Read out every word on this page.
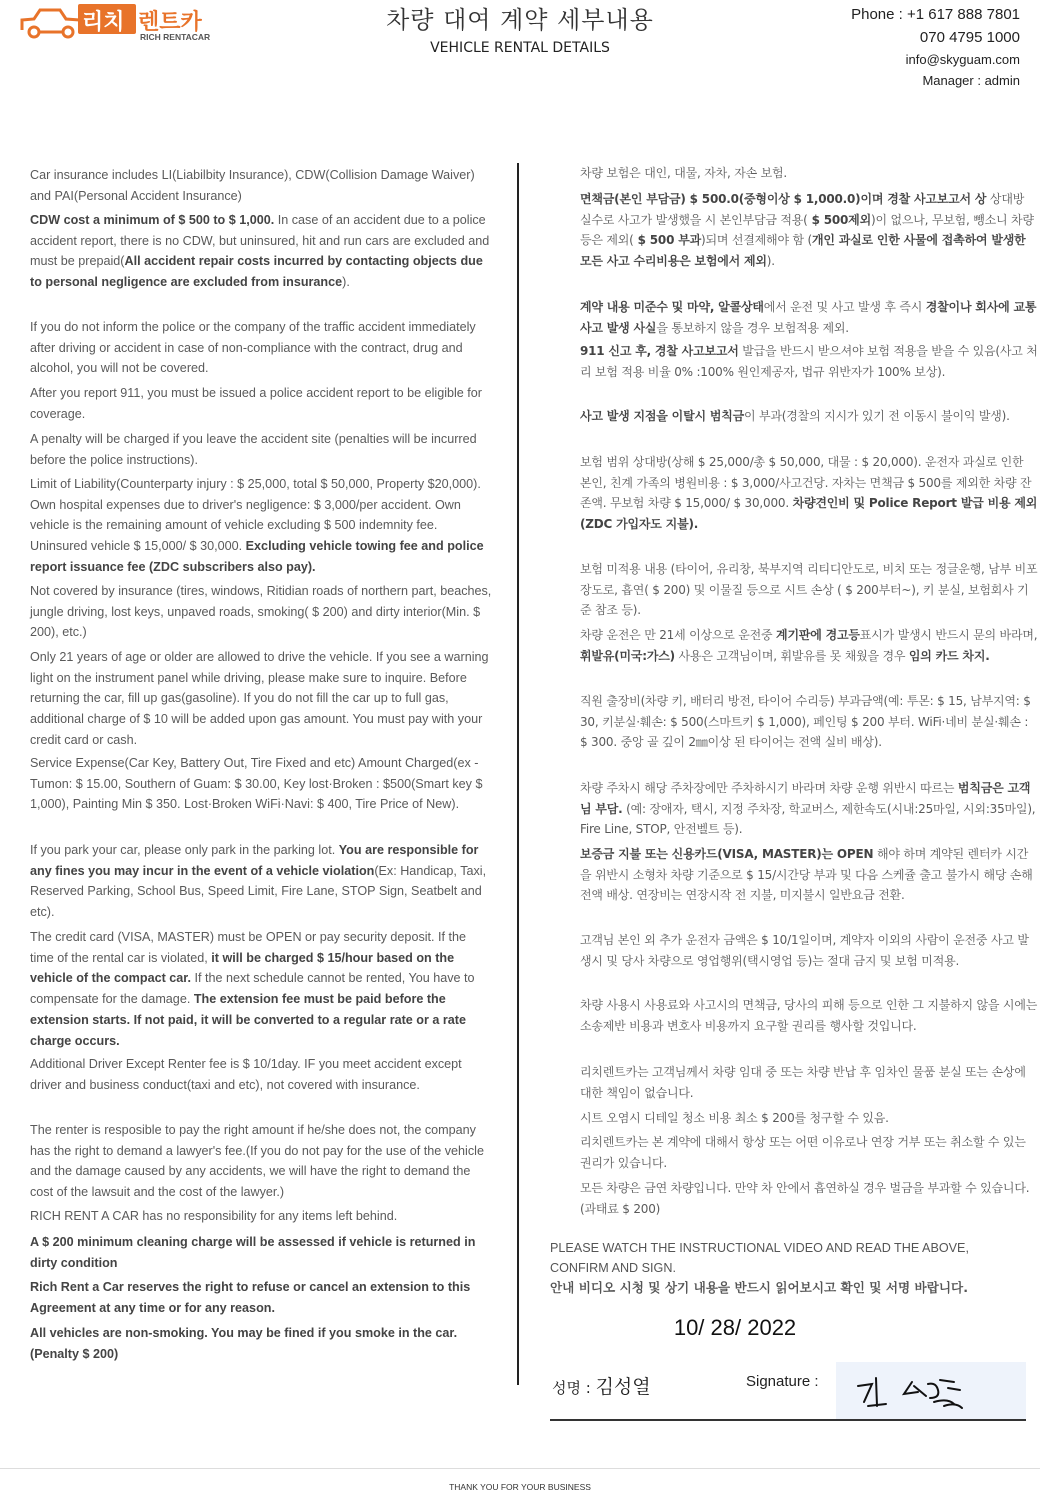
리치 렌트카
RICH RENTACAR
차량 대여 계약 세부내용
VEHICLE RENTAL DETAILS
Phone : +1 617 888 7801
070 4795 1000
info@skyguam.com
Manager : admin

Car insurance includes LI(Liabilbity Insurance), CDW(Collision Damage Waiver) and PAI(Personal Accident Insurance)

CDW cost a minimum of $ 500 to $ 1,000. In case of an accident due to a police accident report, there is no CDW, but uninsured, hit and run cars are excluded and must be prepaid(All accident repair costs incurred by contacting objects due to personal negligence are excluded from insurance).

If you do not inform the police or the company of the traffic accident immediately after driving or accident in case of non-compliance with the contract, drug and alcohol, you will not be covered.

After you report 911, you must be issued a police accident report to be eligible for coverage.

A penalty will be charged if you leave the accident site (penalties will be incurred before the police instructions).

Limit of Liability(Counterparty injury : $ 25,000, total $ 50,000, Property $20,000). Own hospital expenses due to driver's negligence: $ 3,000/per accident. Own vehicle is the remaining amount of vehicle excluding $ 500 indemnity fee. Uninsured vehicle $ 15,000/ $ 30,000. Excluding vehicle towing fee and police report issuance fee (ZDC subscribers also pay).

Not covered by insurance (tires, windows, Ritidian roads of northern part, beaches, jungle driving, lost keys, unpaved roads, smoking( $ 200) and dirty interior(Min. $ 200), etc.)

Only 21 years of age or older are allowed to drive the vehicle. If you see a warning light on the instrument panel while driving, please make sure to inquire. Before returning the car, fill up gas(gasoline). If you do not fill the car up to full gas, additional charge of $ 10 will be added upon gas amount. You must pay with your credit card or cash.

Service Expense(Car Key, Battery Out, Tire Fixed and etc) Amount Charged(ex - Tumon: $ 15.00, Southern of Guam: $ 30.00, Key lost·Broken : $500(Smart key $ 1,000), Painting Min $ 350. Lost·Broken WiFi·Navi: $ 400, Tire Price of New).

If you park your car, please only park in the parking lot. You are responsible for any fines you may incur in the event of a vehicle violation(Ex: Handicap, Taxi, Reserved Parking, School Bus, Speed Limit, Fire Lane, STOP Sign, Seatbelt and etc).

The credit card (VISA, MASTER) must be OPEN or pay security deposit. If the time of the rental car is violated, it will be charged $ 15/hour based on the vehicle of the compact car. If the next schedule cannot be rented, You have to compensate for the damage. The extension fee must be paid before the extension starts. If not paid, it will be converted to a regular rate or a rate charge occurs.

Additional Driver Except Renter fee is $ 10/1day. IF you meet accident except driver and business conduct(taxi and etc), not covered with insurance.

The renter is resposible to pay the right amount if he/she does not, the company has the right to demand a lawyer's fee.(If you do not pay for the use of the vehicle and the damage caused by any accidents, we will have the right to demand the cost of the lawsuit and the cost of the lawyer.)

RICH RENT A CAR has no responsibility for any items left behind.

A $ 200 minimum cleaning charge will be assessed if vehicle is returned in dirty condition

Rich Rent a Car reserves the right to refuse or cancel an extension to this Agreement at any time or for any reason.

All vehicles are non-smoking. You may be fined if you smoke in the car. (Penalty $ 200)

차량 보험은 대인, 대물, 자차, 자손 보험.

면책금(본인 부담금) $ 500.0(중형이상 $ 1,000.0)이며 경찰 사고보고서 상 상대방 실수로 사고가 발생했을 시 본인부담금 적용( $ 500제외)이 없으나, 무보험, 뺑소니 차량 등은 제외( $ 500 부과)되며 선결제해야 함 (개인 과실로 인한 사물에 접촉하여 발생한 모든 사고 수리비용은 보험에서 제외).

계약 내용 미준수 및 마약, 알콜상태에서 운전 및 사고 발생 후 즉시 경찰이나 회사에 교통 사고 발생 사실을 통보하지 않을 경우 보험적용 제외.

911 신고 후, 경찰 사고보고서 발급을 반드시 받으셔야 보험 적용을 받을 수 있음(사고 처리 보험 적용 비율 0% :100% 원인제공자, 법규 위반자가 100% 보상).

사고 발생 지점을 이탈시 범칙금이 부과(경찰의 지시가 있기 전 이동시 불이익 발생).

보험 범위 상대방(상해 $ 25,000/총 $ 50,000, 대물 : $ 20,000). 운전자 과실로 인한 본인, 친계 가족의 병원비용 : $ 3,000/사고건당. 자차는 면책금 $ 500를 제외한 차량 잔존액. 무보험 차량 $ 15,000/ $ 30,000. 차량견인비 및 Police Report 발급 비용 제외 (ZDC 가입자도 지불).

보험 미적용 내용 (타이어, 유리창, 북부지역 리티디안도로, 비치 또는 정글운행, 남부 비포장도로, 흡연( $ 200) 및 이물질 등으로 시트 손상 ( $ 200부터~), 키 분실, 보험회사 기준 참조 등).

차량 운전은 만 21세 이상으로 운전중 계기판에 경고등표시가 발생시 반드시 문의 바라며, 휘발유(미국:가스) 사용은 고객님이며, 휘발유를 못 채웠을 경우 임의 카드 차지.

직원 출장비(차량 키, 배터리 방전, 타이어 수리등) 부과금액(예: 투몬: $ 15, 남부지역: $ 30, 키분실·훼손: $ 500(스마트키 $ 1,000), 페인팅 $ 200 부터. WiFi·네비 분실·훼손 : $ 300. 중앙 골 깊이 2㎜이상 된 타이어는 전액 실비 배상).

차량 주차시 해당 주차장에만 주차하시기 바라며 차량 운행 위반시 따르는 범칙금은 고객님 부담. (예: 장애자, 택시, 지정 주차장, 학교버스, 제한속도(시내:25마일, 시외:35마일), Fire Line, STOP, 안전벨트 등).

보증금 지불 또는 신용카드(VISA, MASTER)는 OPEN 해야 하며 계약된 렌터카 시간을 위반시 소형차 차량 기준으로 $ 15/시간당 부과 및 다음 스케쥴 출고 불가시 해당 손해 전액 배상. 연장비는 연장시작 전 지불, 미지불시 일반요금 전환.

고객님 본인 외 추가 운전자 금액은 $ 10/1일이며, 계약자 이외의 사람이 운전중 사고 발생시 및 당사 차량으로 영업행위(택시영업 등)는 절대 금지 및 보험 미적용.

차량 사용시 사용료와 사고시의 면책금, 당사의 피해 등으로 인한 그 지불하지 않을 시에는 소송제반 비용과 변호사 비용까지 요구할 권리를 행사할 것입니다.

리치렌트카는 고객님께서 차량 임대 중 또는 차량 반납 후 임차인 물품 분실 또는 손상에 대한 책임이 없습니다.

시트 오염시 디테일 청소 비용 최소 $ 200를 청구할 수 있음.

리치렌트카는 본 계약에 대해서 항상 또는 어떤 이유로나 연장 거부 또는 취소할 수 있는 권리가 있습니다.

모든 차량은 금연 차량입니다. 만약 차 안에서 흡연하실 경우 벌금을 부과할 수 있습니다. (과태료 $ 200)

PLEASE WATCH THE INSTRUCTIONAL VIDEO AND READ THE ABOVE, CONFIRM AND SIGN.

안내 비디오 시청 및 상기 내용을 반드시 읽어보시고 확인 및 서명 바랍니다.

10/ 28/ 2022
성명 : 김성열	Signature :
THANK YOU FOR YOUR BUSINESS
